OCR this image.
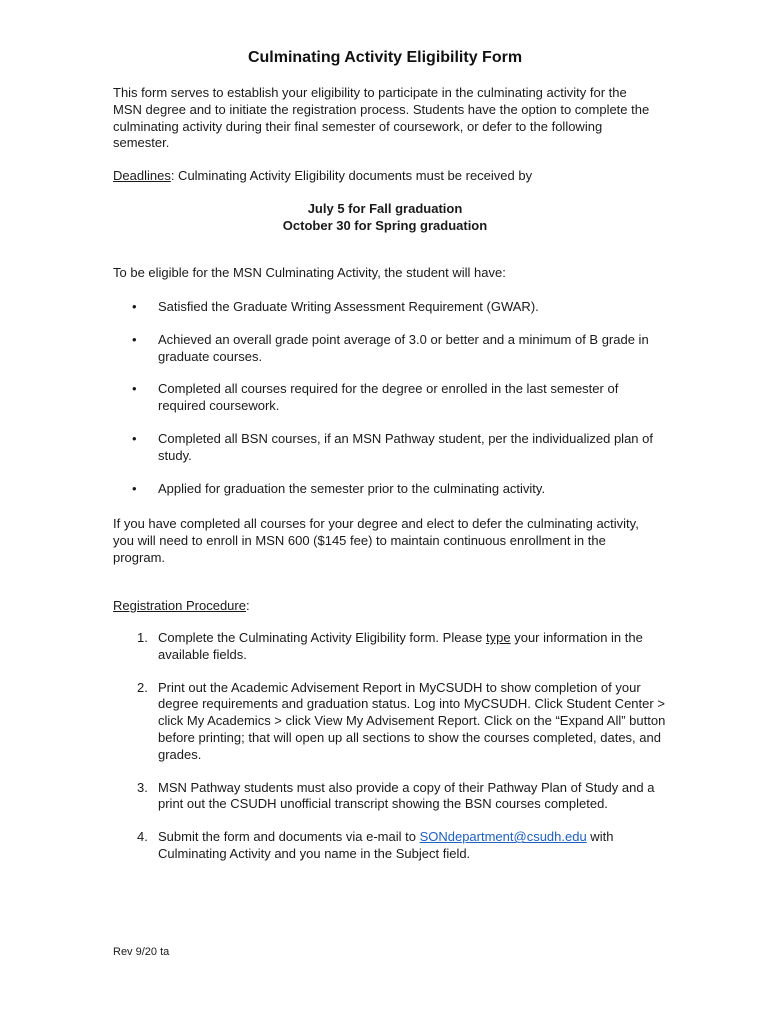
Culminating Activity Eligibility Form
This form serves to establish your eligibility to participate in the culminating activity for the MSN degree and to initiate the registration process. Students have the option to complete the culminating activity during their final semester of coursework, or defer to the following semester.
Deadlines: Culminating Activity Eligibility documents must be received by
July 5 for Fall graduation
October 30 for Spring graduation
To be eligible for the MSN Culminating Activity, the student will have:
• Satisfied the Graduate Writing Assessment Requirement (GWAR).
• Achieved an overall grade point average of 3.0 or better and a minimum of B grade in graduate courses.
• Completed all courses required for the degree or enrolled in the last semester of required coursework.
• Completed all BSN courses, if an MSN Pathway student, per the individualized plan of study.
• Applied for graduation the semester prior to the culminating activity.
If you have completed all courses for your degree and elect to defer the culminating activity, you will need to enroll in MSN 600 ($145 fee) to maintain continuous enrollment in the program.
Registration Procedure:
1. Complete the Culminating Activity Eligibility form. Please type your information in the available fields.
2. Print out the Academic Advisement Report in MyCSUDH to show completion of your degree requirements and graduation status. Log into MyCSUDH. Click Student Center > click My Academics > click View My Advisement Report. Click on the “Expand All” button before printing; that will open up all sections to show the courses completed, dates, and grades.
3. MSN Pathway students must also provide a copy of their Pathway Plan of Study and a print out the CSUDH unofficial transcript showing the BSN courses completed.
4. Submit the form and documents via e-mail to SONdepartment@csudh.edu with Culminating Activity and you name in the Subject field.
Rev 9/20 ta
